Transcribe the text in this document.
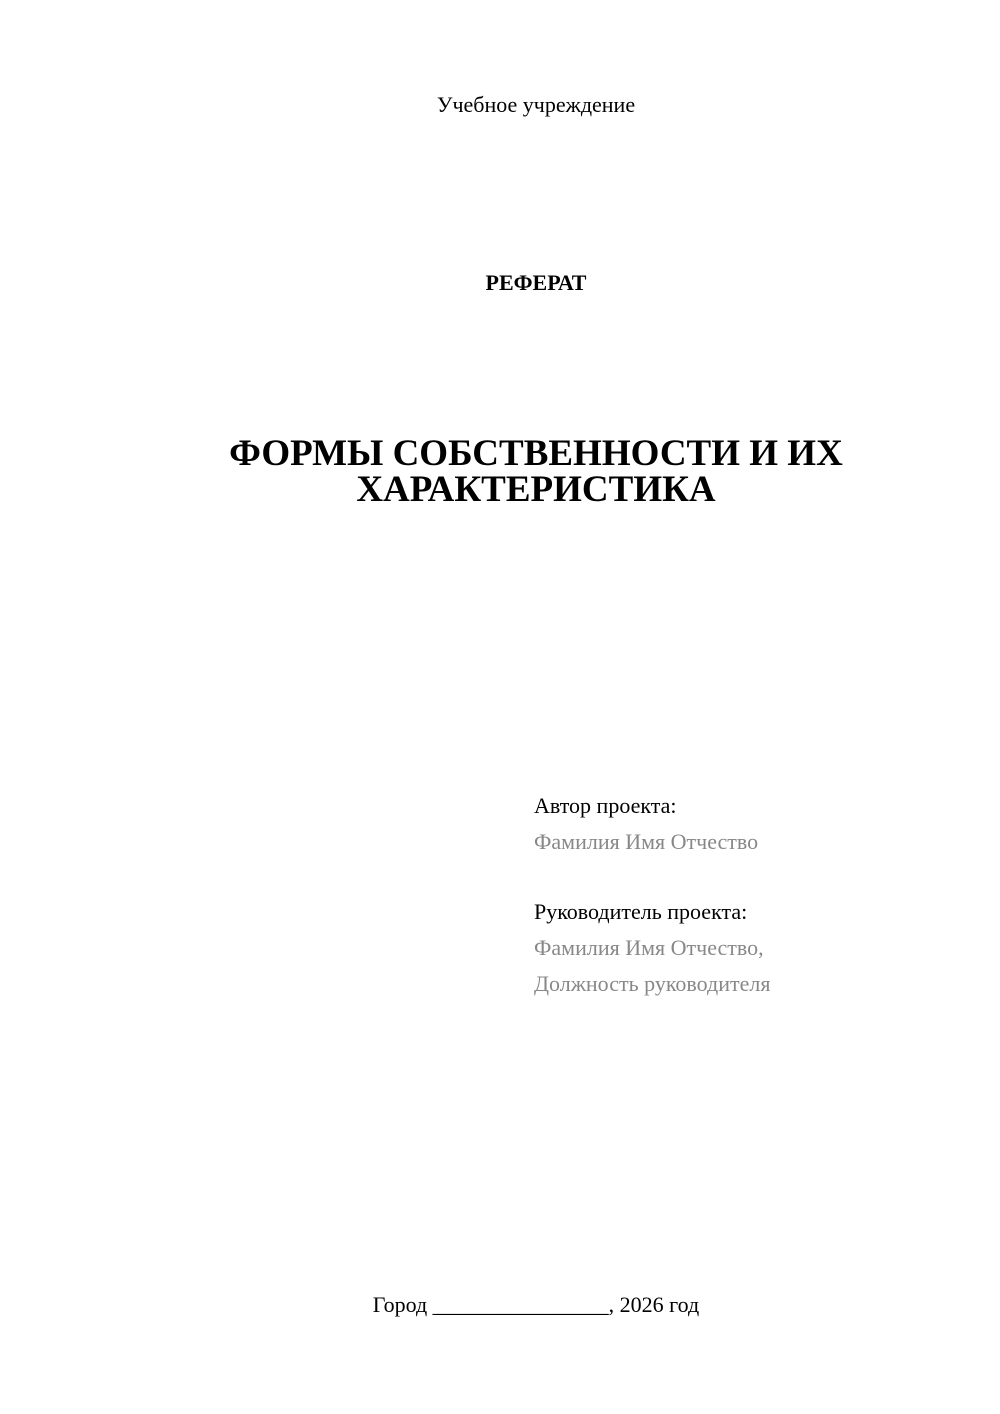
Учебное учреждение
РЕФЕРАТ
ФОРМЫ СОБСТВЕННОСТИ И ИХ
ХАРАКТЕРИСТИКА
Автор проекта:
Фамилия Имя Отчество
Руководитель проекта:
Фамилия Имя Отчество,
Должность руководителя
Город ________________, 2026 год
